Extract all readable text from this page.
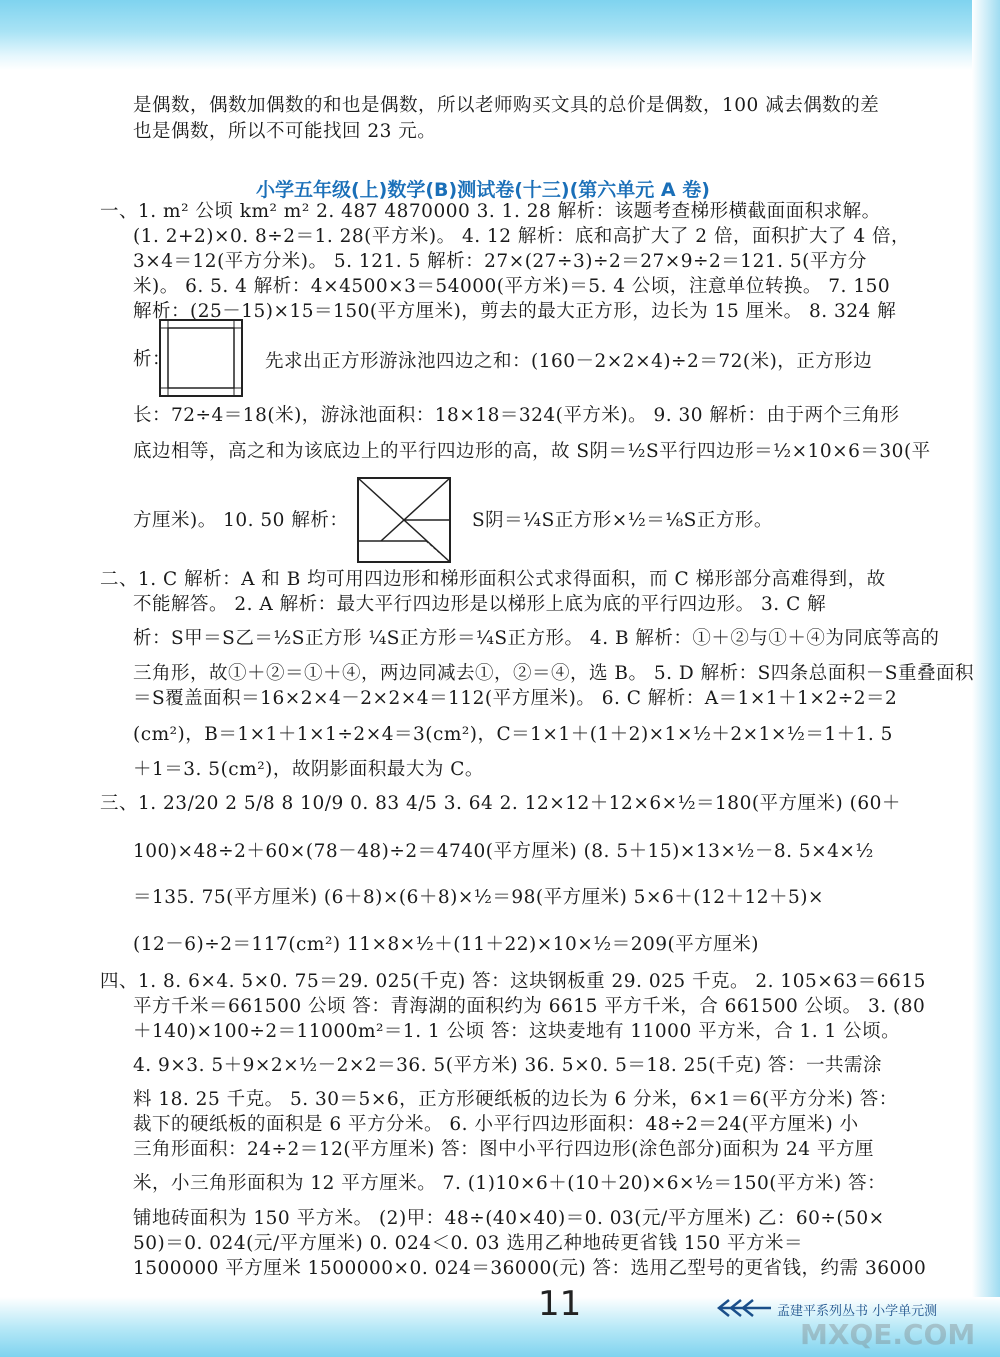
是偶数，偶数加偶数的和也是偶数，所以老师购买文具的总价是偶数，100 减去偶数的差
也是偶数，所以不可能找回 23 元。
小学五年级(上)数学(B)测试卷(十三)(第六单元 A 卷)
一、1. m² 公顷 km² m² 2. 487 4870000 3. 1. 28 解析：该题考查梯形横截面面积求解。
(1. 2+2)×0. 8÷2＝1. 28(平方米)。 4. 12 解析：底和高扩大了 2 倍，面积扩大了 4 倍，
3×4＝12(平方分米)。 5. 121. 5 解析：27×(27÷3)÷2＝27×9÷2＝121. 5(平方分
米)。 6. 5. 4 解析：4×4500×3＝54000(平方米)＝5. 4 公顷，注意单位转换。 7. 150
解析：(25－15)×15＝150(平方厘米)，剪去的最大正方形，边长为 15 厘米。 8. 324 解
析：	先求出正方形游泳池四边之和：(160－2×2×4)÷2＝72(米)，正方形边
长：72÷4＝18(米)，游泳池面积：18×18＝324(平方米)。 9. 30 解析：由于两个三角形
底边相等，高之和为该底边上的平行四边形的高，故 S阴＝½S平行四边形＝½×10×6＝30(平
方厘米)。 10. 50 解析：	S阴＝¼S正方形×½＝⅛S正方形。
二、1. C 解析：A 和 B 均可用四边形和梯形面积公式求得面积，而 C 梯形部分高难得到，故
不能解答。 2. A 解析：最大平行四边形是以梯形上底为底的平行四边形。 3. C 解
析：S甲＝S乙＝½S正方形 ¼S正方形＝¼S正方形。 4. B 解析：①＋②与①＋④为同底等高的
三角形，故①＋②＝①＋④，两边同减去①，②＝④，选 B。 5. D 解析：S四条总面积－S重叠面积
＝S覆盖面积＝16×2×4－2×2×4＝112(平方厘米)。 6. C 解析：A＝1×1＋1×2÷2＝2
(cm²)，B＝1×1＋1×1÷2×4＝3(cm²)，C＝1×1＋(1＋2)×1×½＋2×1×½＝1＋1. 5
＋1＝3. 5(cm²)，故阴影面积最大为 C。
三、1. 23/20 2 5/8 8 10/9 0. 83 4/5 3. 64 2. 12×12＋12×6×½＝180(平方厘米) (60＋
100)×48÷2＋60×(78－48)÷2＝4740(平方厘米) (8. 5＋15)×13×½－8. 5×4×½
＝135. 75(平方厘米) (6＋8)×(6＋8)×½＝98(平方厘米) 5×6＋(12＋12＋5)×
(12－6)÷2＝117(cm²) 11×8×½＋(11＋22)×10×½＝209(平方厘米)
四、1. 8. 6×4. 5×0. 75＝29. 025(千克) 答：这块钢板重 29. 025 千克。 2. 105×63＝6615
平方千米＝661500 公顷 答：青海湖的面积约为 6615 平方千米，合 661500 公顷。 3. (80
＋140)×100÷2＝11000m²＝1. 1 公顷 答：这块麦地有 11000 平方米，合 1. 1 公顷。
4. 9×3. 5＋9×2×½－2×2＝36. 5(平方米) 36. 5×0. 5＝18. 25(千克) 答：一共需涂
料 18. 25 千克。 5. 30＝5×6，正方形硬纸板的边长为 6 分米，6×1＝6(平方分米) 答：
裁下的硬纸板的面积是 6 平方分米。 6. 小平行四边形面积：48÷2＝24(平方厘米) 小
三角形面积：24÷2＝12(平方厘米) 答：图中小平行四边形(涂色部分)面积为 24 平方厘
米，小三角形面积为 12 平方厘米。 7. (1)10×6＋(10＋20)×6×½＝150(平方米) 答：
铺地砖面积为 150 平方米。 (2)甲：48÷(40×40)＝0. 03(元/平方厘米) 乙：60÷(50×
50)＝0. 024(元/平方厘米) 0. 024＜0. 03 选用乙种地砖更省钱 150 平方米＝
1500000 平方厘米 1500000×0. 024＝36000(元) 答：选用乙型号的更省钱，约需 36000
11	孟建平系列丛书 小学单元测
MXQE.COM
